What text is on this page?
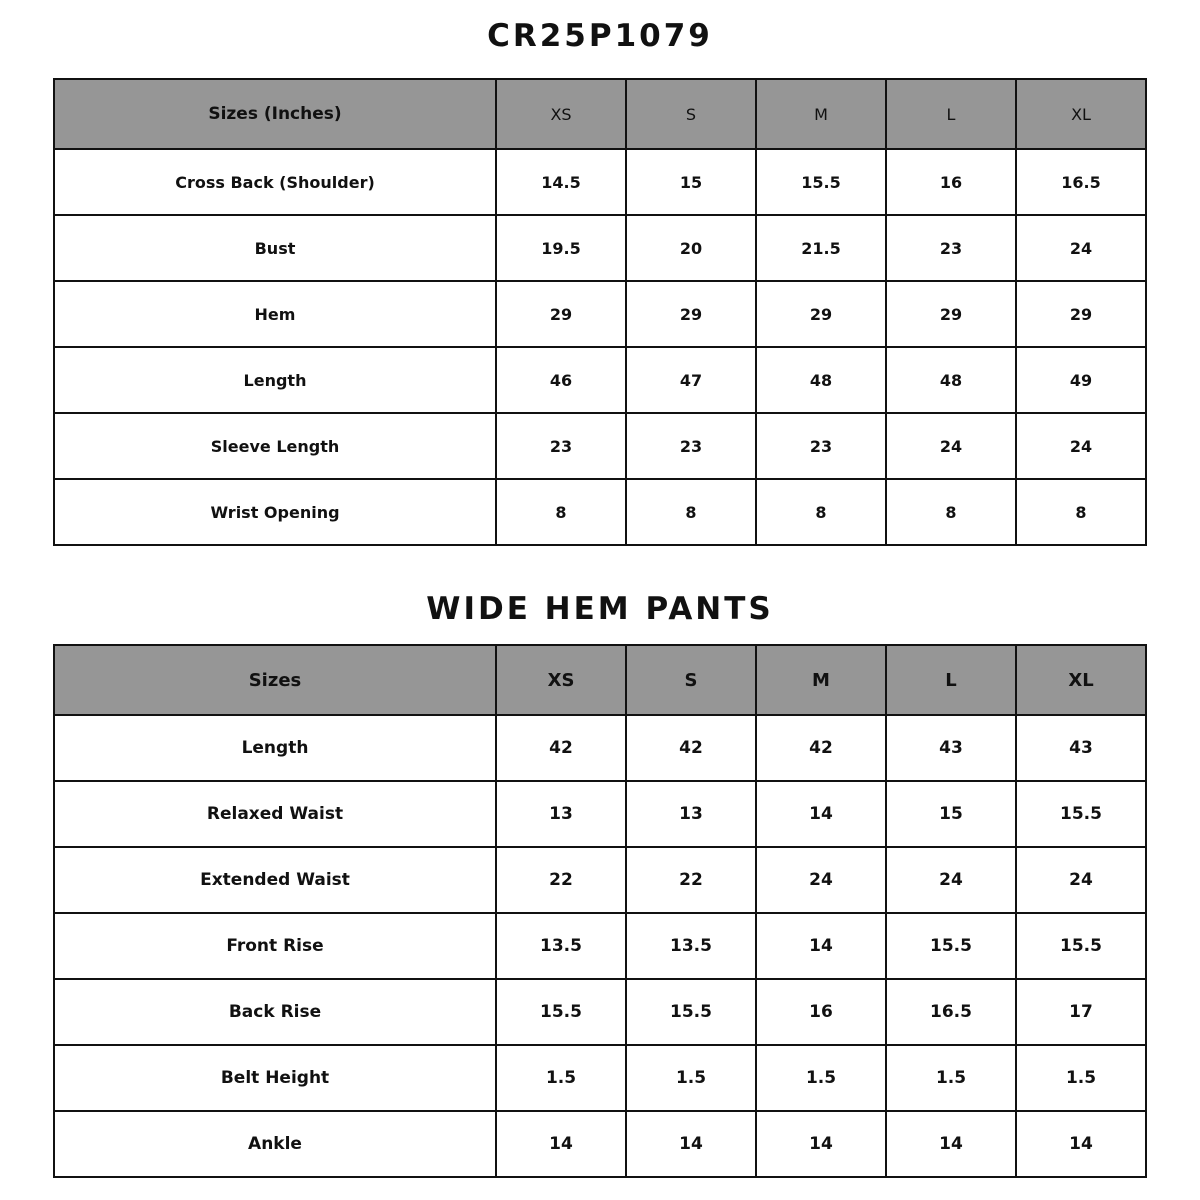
CR25P1079
Sizes (Inches)	XS	S	M	L	XL
Cross Back (Shoulder)	14.5	15	15.5	16	16.5
Bust	19.5	20	21.5	23	24
Hem	29	29	29	29	29
Length	46	47	48	48	49
Sleeve Length	23	23	23	24	24
Wrist Opening	8	8	8	8	8
WIDE HEM PANTS
Sizes	XS	S	M	L	XL
Length	42	42	42	43	43
Relaxed Waist	13	13	14	15	15.5
Extended Waist	22	22	24	24	24
Front Rise	13.5	13.5	14	15.5	15.5
Back Rise	15.5	15.5	16	16.5	17
Belt Height	1.5	1.5	1.5	1.5	1.5
Ankle	14	14	14	14	14
